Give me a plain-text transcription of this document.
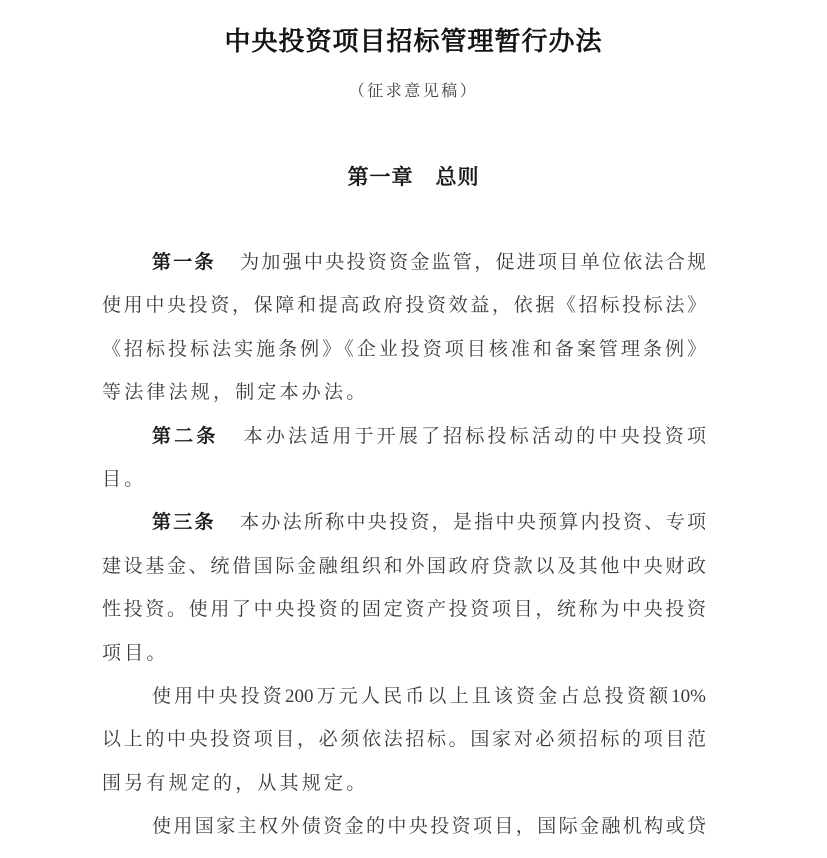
中央投资项目招标管理暂行办法
（征求意见稿）
第一章　总则
第一条 为加强中央投资资金监管，促进项目单位依法合规
使用中央投资，保障和提高政府投资效益，依据《招标投标法》
《招标投标法实施条例》《企业投资项目核准和备案管理条例》
等法律法规，制定本办法。
第二条 本办法适用于开展了招标投标活动的中央投资项
目。
第三条 本办法所称中央投资，是指中央预算内投资、专项
建设基金、统借国际金融组织和外国政府贷款以及其他中央财政
性投资。使用了中央投资的固定资产投资项目，统称为中央投资
项目。
使用中央投资200万元人民币以上且该资金占总投资额10%
以上的中央投资项目，必须依法招标。国家对必须招标的项目范
围另有规定的，从其规定。
使用国家主权外债资金的中央投资项目，国际金融机构或贷
